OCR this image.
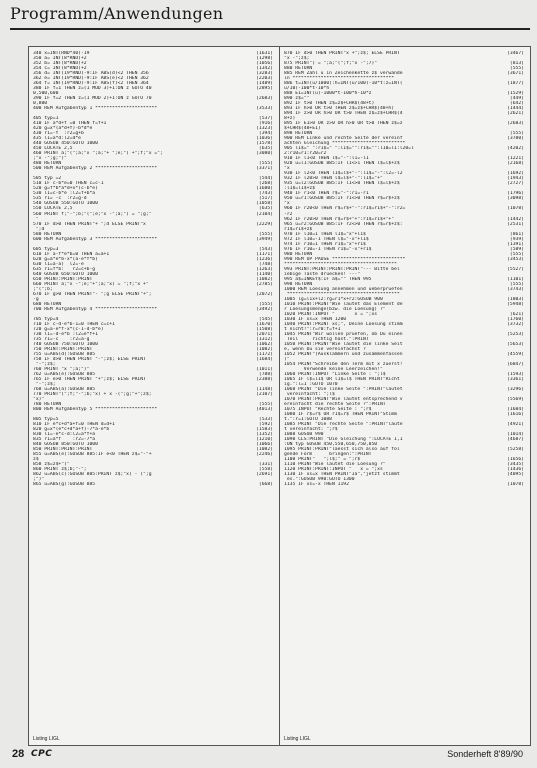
Programm/Anwendungen
340 x=INT(RND*40)-19	[1631]
350 a= INT(8*RND)+2	[1298]
352 b= INT(8*RND)+2	[1056]
354 c= INT(8*RND)+2	[1342]
356 d= INT(19*RND)-9:IF ABS(d)<2 THEN 356	[3283]
362 e= INT(19*RND)-9:IF ABS(e)<2 THEN 362	[2203]
364 f= INT(19*RND)-9:IF ABS(f)<2 THEN 364	[1489]
380 IF f=1 THEN z=(1 MOD 3)+1:ON z GOTO 40	[2895]
0,500,600
390 IF f=2 THEN z=(1 MOD 2)+1:ON z GOTO 70	[2683]
0,800
400 REM Aufgabentyp 1 **********************	[3533]
405 typ=1	[537]
410 IF a*d+f =0 THEN f=f+1	[916]
420 g=x*(a*d+f)-b*d*e	[1323]
430 r1=-f  :r2=g+b	[394]
435 l1=a*d:l2=d*e	[1036]
440 GOSUB 450:GOTO 1000	[1578]
450 LOCATE 2,5	[635]
460 PRINT a;"(";a;"x ";a;"+ ";e;") +";f;"x =";	[3080]
;"x -";g;")"
480 RETURN	[555]
500 REM Aufgabentyp 2 **********************	[3371]
505 typ =2	[544]
510 IF c-b*e=0 THEN c=c-1	[268]
520 g=f*b*a*d+x*(c-b*e)	[1680]
530 l1=c-b*e :l2=f+b*a	[743]
535 r1= -c  :r2=g-d	[517]
540 GOSUB 550:GOTO 1000	[1058]
550 LOCATE 2,5	[635]
560 PRINT f;"-";b;"(";e;"x -";a;") = ";g;"	[2104]
"
570 IF d>0 THEN PRINT"+ ";d ELSE PRINT"x	[2229]
";d
580 RETURN	[555]
600 REM Aufgabentyp 3 **********************	[3949]
605 typ=3	[543]
610 IF a-f*e*b=0 THEN a=a+1	[1171]
620 g=a*e*b-x*(a-e*f*b)	[1236]
630 l1=a-a)  l2=-e	[748]
635 r1=f*b:   r2=c+b-g	[1263]
640 GOSUB 650:GOTO 1000	[1140]
650 PRINT:PRINT:PRINT	[1082]
660 PRINT a;"x -";e;"+";a;"x) = ";f;"x +"	[2785]
;"(";b;
670 IF g>0 THEN PRINT"- ";g ELSE PRINT"+";	[2072]
-g
680 RETURN	[555]
700 REM Aufgabentyp 4 **********************	[3492]
705 typ=4	[545]
710 IF c-d-e*b-1=0 THEN c=c+1	[1670]
720 g=a-e*f-x*(c-1-d-b*e)	[1508]
730 l1=-d-e*b :l2=e*f+1	[2071]
735 r1=-c    :r2=a-g	[1312]
740 GOSUB 750:GOTO 1000	[1062]
750 PRINT:PRINT:PRINT	[1082]
755 u=ABS(d):GOSUB 885	[1172]
758 IF d>0 THEN PRINT "-";z$; ELSE PRINT	[1684]
"-";z$;
760 PRINT "x ";a;")"	[1011]
762 u=ABS(e):GOSUB 885	[788]
765 IF e>0 THEN PRINT "+";z$; ELSE PRINT	[2388]
"-";z$;
768 u=ABS(a):GOSUB 885	[1148]
770 PRINT"(";f;"-";b;"x) + x -(";g;"+";z$;	[2107]
"x)"
780 RETURN	[555]
800 REM Aufgabentyp 5 **********************	[4013]
805 typ=5	[533]
810 IF e*c+d*a+f=0 THEN d=d+1	[592]
820 g=x*(e*c+d*a+f)-7*a-e*b	[1583]
830 l1=-e*c-d:l2=a*f+a	[1352]
835 r1=a*f    :r2=-7*a	[1210]
840 GOSUB 850:GOTO 1000	[1066]
850 PRINT:PRINT:PRINT	[1082]
855 u=ABS(e):GOSUB 885:IF e<0 THEN z$="-"+	[2246]
z$
858 z$=z$+"("	[331]
860 PRINT z$;b;"-";	[558]
862 u=ABS(c):GOSUB 885:PRINT z$;"x) - (";g	[2691]
;")"
865 u=ABS(g):GOSUB 885	[668]
Listing LIGL
870 IF d>0 THEN PRINT"x +";z$; ELSE PRINT	[3467]
"x -";z$;
875 PRINT") = ";a;"(";f;"x -";7)"	[813]
880 RETURN	[555]
885 REM Zahl u in Zeichenkette z$ verwande	[3671]
ln ************************************
886 t=INT(u/1000):h=INT(u/100)-10*t:z=INT(	[1877]
u/10)-100*t-10*h
888 E1=INT(u)-1000*t-100*h-10*z	[1529]
890 z$=""	[449]
892 IF t>0 THEN z$=z$+CHR$(48+t)	[642]
893 IF h>0 OR t>0 THEN z$=z$+CHR$(48+h)	[1444]
894 IF z>0 OR h>0 OR t>0 THEN z$=z$+CHR$(4	[2621]
8+z)
895 IF E1>0 OR z>0 OR h>0 OR t>0 THEN z$=z	[2683]
$+CHR$(48+E1)
898 RETURN	[555]
900 REM Linke und rechte Seite der vereinf	[3780]
achten Gleichung **************************
905 l1$=" ":r1$=" ":l1$="":r1$="":l10=l1:l20=l	[4202]
2:r10=r1:r20=r2
910 IF l1<0 THEN l$="-":l1=-l1	[1221]
920 u=l1:GOSUB 885:IF l1<>1 THEN l$=l$+z$	[2168]
"x
930 IF l2<0 THEN l1$=l$+"-":l1$="-":l2=-l2	[1692]
932 IF l20>0 THEN l$=l$+"-":l1$="+"	[1943]
935 u=l2:GOSUB 885:IF l1<>0 THEN l$=l$+z$	[2727]
:l1$=l1$+z$
940 IF r1<0 THEN r$="-":r1=-r1	[1796]
950 u=r1:GOSUB 885:IF r1<>0 THEN r$=r$+z$	[3098]
"x
960 IF r20<0 THEN r$=r$+"-":r1$=r1$+"-":r2=	[1078]
-r2
962 IF r20>0 THEN r$=r$+"+":r1$=r1$+"+"	[1442]
965 u=r2:GOSUB 885:IF r2<>0 THEN r$=r$+z$:	[2531]
r1$=r1$+z$
970 IF l10=1 THEN l1$="x"+l1$	[861]
972 IF l10=-1 THEN l$="-x"+l1$	[939]
974 IF r10=1 THEN r1$="x"+r1$	[1391]
976 IF r10=-1 THEN r1$="-x"+r1$	[589]
980 RETURN	[555]
990 REM UP PAUSE **************************	[3453]
****************************************
993 PRINT:PRINT:PRINT:PRINT"--- Bitte bel	[5527]
iebige Taste druecken! ---"
995 a$=INKEY$:IF a$="" THEN 995	[1101]
998 RETURN	[555]
1000 REM Loesung annehmen und ueberpruefen	[3743]
****************************************
1005 lg=l1x+l2:rg=r1*x+r2:GOSUB 900	[1803]
1010 PRINT:PRINT"Wie lautet das Element de	[5948]
r Loesungsmenge(bzw. die Loesung) ?"
1020 PRINT:INPUT "       x = ";xs	[621]
1030 IF xs=x THEN 1200	[1760]
1040 PRINT:PRINT xs;", Deine Loesung stimm	[3732]
t nicht!":r=r0:f=f+1
1045 PRINT"Wir wollen pruefen, ob Du einen	[5253]
Teil     richtig hast.":PRINT
1050 PRINT:PRINT"Wie lautet die linke Seit	[5653]
e, wenn Du sie vereinfachst ?
1052 PRINT"(Ausklammern und zusammenfassen	[4559]
)"
1054 PRINT"Schreibe den Term mit x zuerst!	[6847]
Verwende keine Leerzeichen!"
1060 PRINT:INPUT "Linke Seite : ";l$	[1593]
1065 IF l$=l1$ OR l1$=l$ THEN PRINT"Richt	[3361]
ig.":l=1 :GOTO 1070
1068 PRINT "Die linke Seite ":PRINT"lautet	[3296]
vereinfacht: ";l$
1070 PRINT:PRINT"Wie lautet entsprechend v	[5569]
ereinfacht die rechte Seite ?":PRINT
1075 INPUT "Rechte Seite : ";r$	[1684]
1080 IF r$=r$ OR r1$=r$ THEN PRINT"Stimm	[1616]
t.":r=1:GOTO 1088
1085 PRINT "Die rechte Seite ":PRINT"laute	[4921]
t vereinfacht: ";r$
1088 GOSUB 990	[1014]
1090 CLS:PRINT "Die Gleichung ":LOCATE 1,1	[4687]
:ON typ GOSUB 450,550,650,750,850
1095 PRINT:PRINT"laesst sich also auf fol	[5258]
gende Form      bringen:":PRINT
1100 PRINT"   ";l$;" = ";r$	[1656]
1110 PRINT"Wie lautet die Loesung ?"	[3435]
1120 PRINT:PRINT:INPUT "   x = ";xs	[1436]
1130 IF xs=x THEN PRINT"Ja","jetzt stimmt	[4095]
es.":GOSUB 990:GOTO 1300
1135 IF xs=-x THEN 1192	[1078]
Listing LIGL
28 CPC	Sonderheft 8'89/90
